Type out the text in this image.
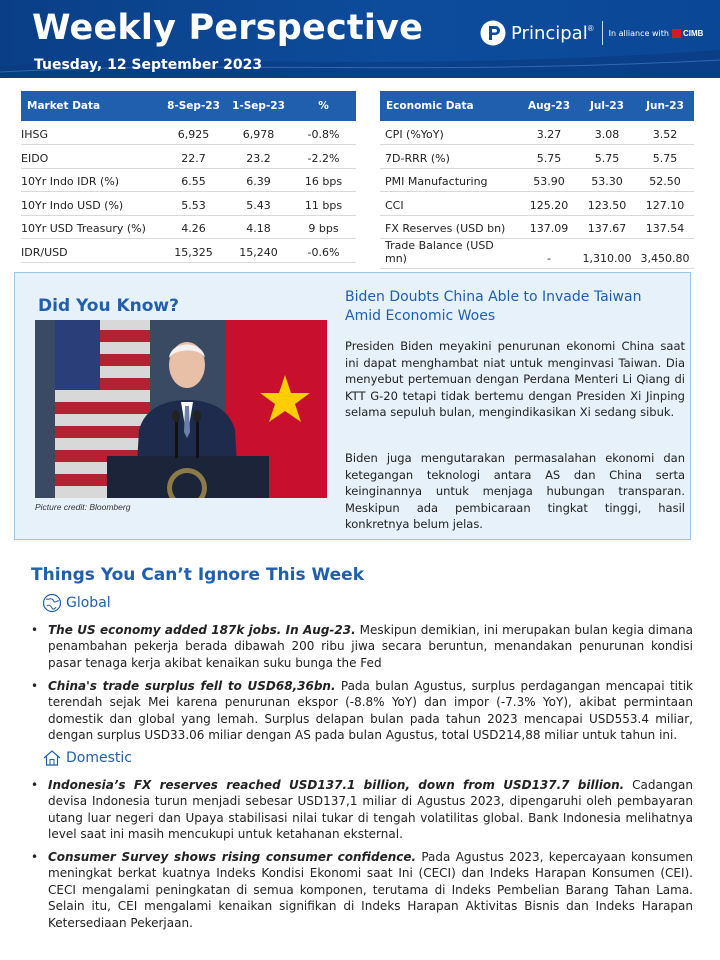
Weekly Perspective
Tuesday, 12 September 2023
Principal ®
In alliance with CIMB
Market Data	8-Sep-23	1-Sep-23	%
IHSG	6,925	6,978	-0.8%
EIDO	22.7	23.2	-2.2%
10Yr Indo IDR (%)	6.55	6.39	16 bps
10Yr Indo USD (%)	5.53	5.43	11 bps
10Yr USD Treasury (%)	4.26	4.18	9 bps
IDR/USD	15,325	15,240	-0.6%
Economic Data	Aug-23	Jul-23	Jun-23
CPI (%YoY)	3.27	3.08	3.52
7D-RRR (%)	5.75	5.75	5.75
PMI Manufacturing	53.90	53.30	52.50
CCI	125.20	123.50	127.10
FX Reserves (USD bn)	137.09	137.67	137.54
Trade Balance (USD mn)	-	1,310.00	3,450.80
Did You Know?
Picture credit: Bloomberg
Biden Doubts China Able to Invade Taiwan Amid Economic Woes
Presiden Biden meyakini penurunan ekonomi China saat ini dapat menghambat niat untuk menginvasi Taiwan. Dia menyebut pertemuan dengan Perdana Menteri Li Qiang di KTT G-20 tetapi tidak bertemu dengan Presiden Xi Jinping selama sepuluh bulan, mengindikasikan Xi sedang sibuk.
Biden juga mengutarakan permasalahan ekonomi dan ketegangan teknologi antara AS dan China serta keinginannya untuk menjaga hubungan transparan. Meskipun ada pembicaraan tingkat tinggi, hasil konkretnya belum jelas.
Things You Can’t Ignore This Week
Global
• The US economy added 187k jobs. In Aug-23. Meskipun demikian, ini merupakan bulan kegia dimana penambahan pekerja berada dibawah 200 ribu jiwa secara beruntun, menandakan penurunan kondisi pasar tenaga kerja akibat kenaikan suku bunga the Fed
• China's trade surplus fell to USD68,36bn. Pada bulan Agustus, surplus perdagangan mencapai titik terendah sejak Mei karena penurunan ekspor (-8.8% YoY) dan impor (-7.3% YoY), akibat permintaan domestik dan global yang lemah. Surplus delapan bulan pada tahun 2023 mencapai USD553.4 miliar, dengan surplus USD33.06 miliar dengan AS pada bulan Agustus, total USD214,88 miliar untuk tahun ini.
Domestic
• Indonesia’s FX reserves reached USD137.1 billion, down from USD137.7 billion. Cadangan devisa Indonesia turun menjadi sebesar USD137,1 miliar di Agustus 2023, dipengaruhi oleh pembayaran utang luar negeri dan Upaya stabilisasi nilai tukar di tengah volatilitas global. Bank Indonesia melihatnya level saat ini masih mencukupi untuk ketahanan eksternal.
• Consumer Survey shows rising consumer confidence. Pada Agustus 2023, kepercayaan konsumen meningkat berkat kuatnya Indeks Kondisi Ekonomi saat Ini (CECI) dan Indeks Harapan Konsumen (CEI). CECI mengalami peningkatan di semua komponen, terutama di Indeks Pembelian Barang Tahan Lama. Selain itu, CEI mengalami kenaikan signifikan di Indeks Harapan Aktivitas Bisnis dan Indeks Harapan Ketersediaan Pekerjaan.
